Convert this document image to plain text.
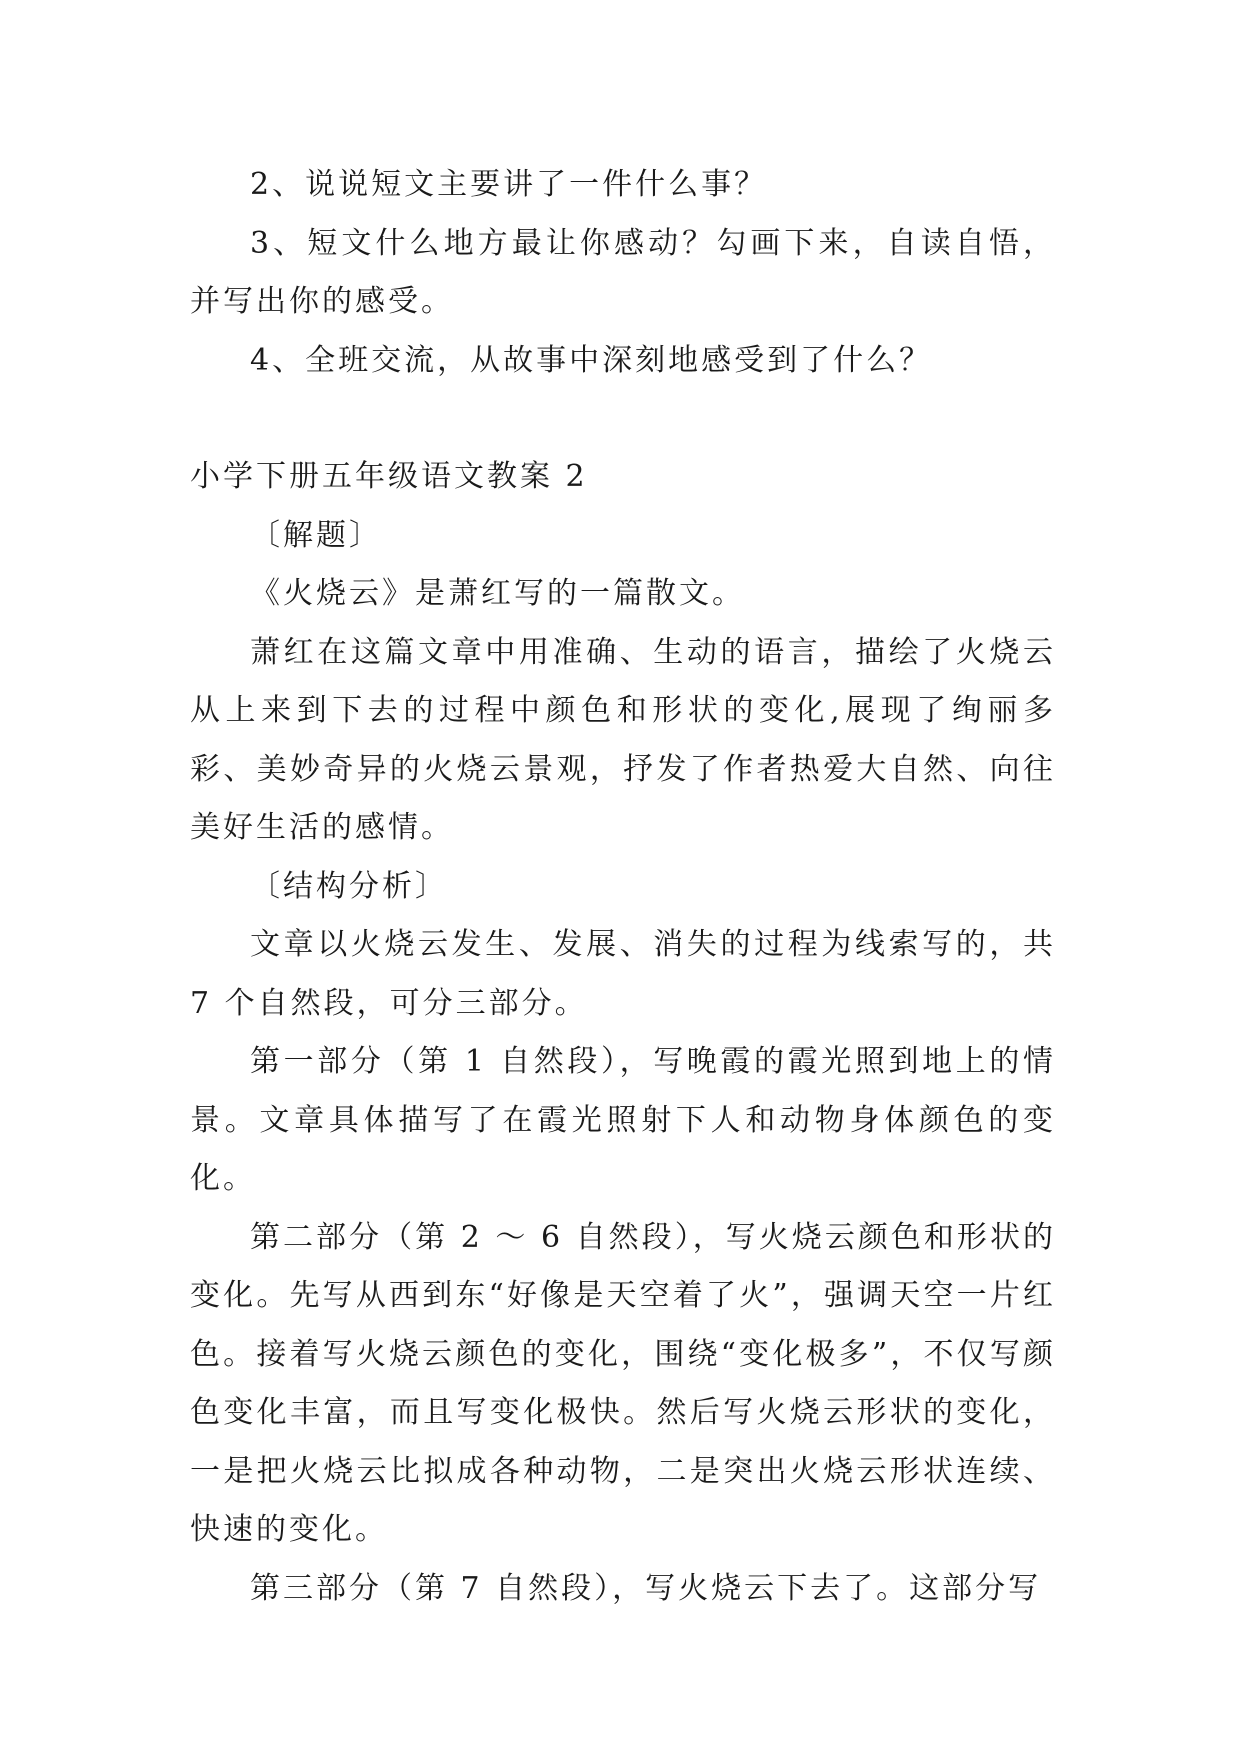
2、说说短文主要讲了一件什么事？

3、短文什么地方最让你感动？勾画下来，自读自悟，并写出你的感受。

4、全班交流，从故事中深刻地感受到了什么？

小学下册五年级语文教案 2

〔解题〕

《火烧云》是萧红写的一篇散文。

萧红在这篇文章中用准确、生动的语言，描绘了火烧云从上来到下去的过程中颜色和形状的变化,展现了绚丽多彩、美妙奇异的火烧云景观，抒发了作者热爱大自然、向往美好生活的感情。

〔结构分析〕

文章以火烧云发生、发展、消失的过程为线索写的，共 7 个自然段，可分三部分。

第一部分（第 1 自然段），写晚霞的霞光照到地上的情景。文章具体描写了在霞光照射下人和动物身体颜色的变化。

第二部分（第 2 ～ 6 自然段），写火烧云颜色和形状的变化。先写从西到东“好像是天空着了火”，强调天空一片红色。接着写火烧云颜色的变化，围绕“变化极多”，不仅写颜色变化丰富，而且写变化极快。然后写火烧云形状的变化，一是把火烧云比拟成各种动物，二是突出火烧云形状连续、快速的变化。

第三部分（第 7 自然段），写火烧云下去了。这部分写
